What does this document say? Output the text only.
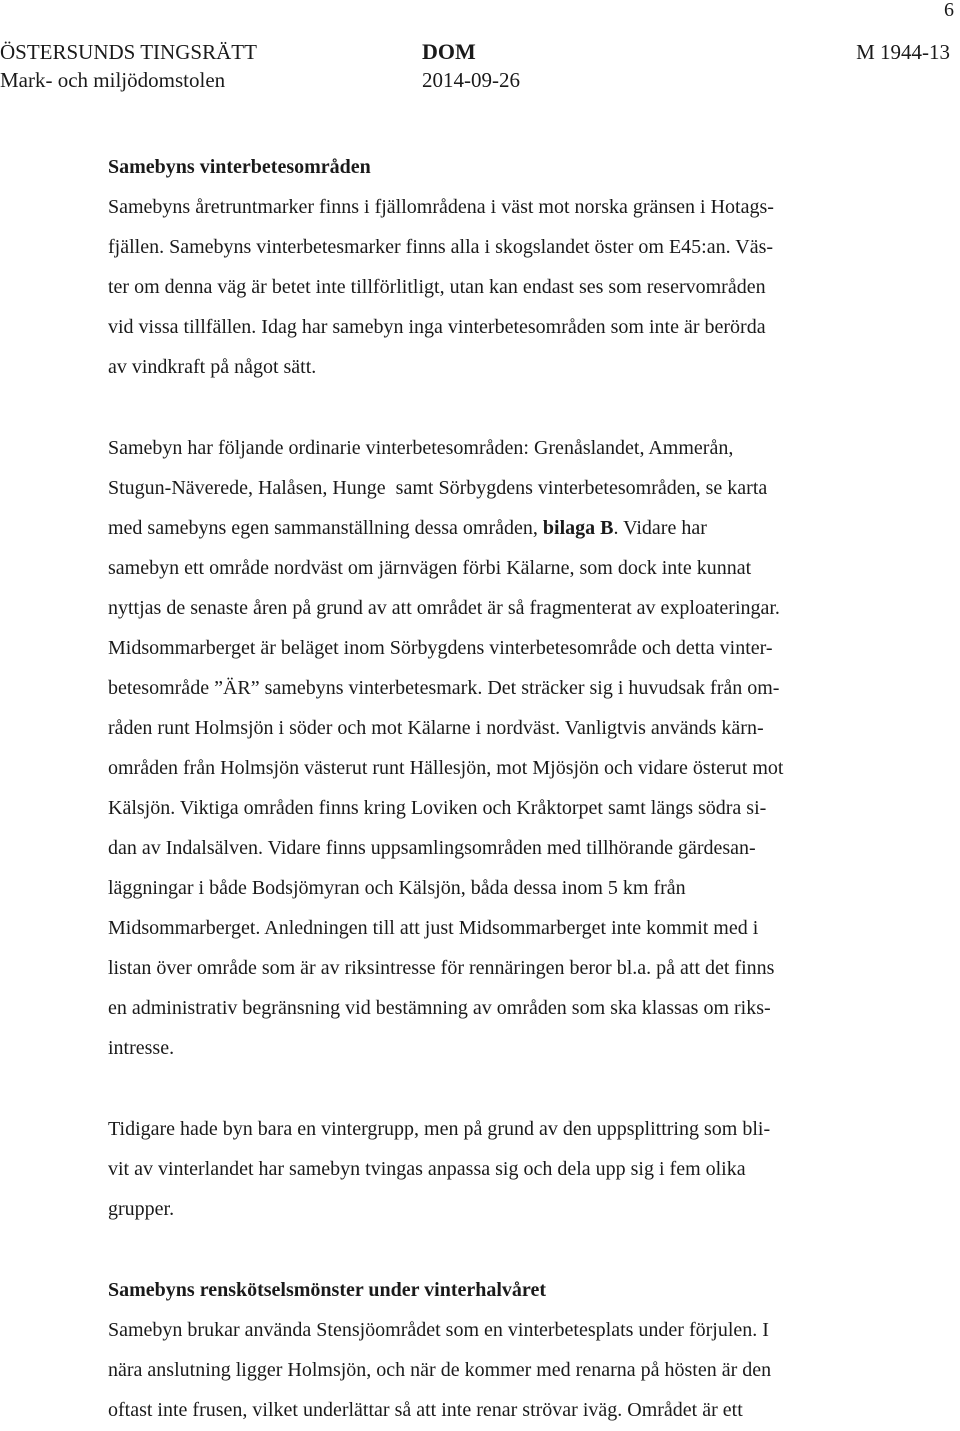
6
ÖSTERSUNDS TINGSRÄTT
Mark- och miljödomstolen
DOM
2014-09-26
M 1944-13
Samebyns vinterbetesområden
Samebyns åretruntmarker finns i fjällområdena i väst mot norska gränsen i Hotags-
fjällen. Samebyns vinterbetesmarker finns alla i skogslandet öster om E45:an. Väs-
ter om denna väg är betet inte tillförlitligt, utan kan endast ses som reservområden
vid vissa tillfällen. Idag har samebyn inga vinterbetesområden som inte är berörda
av vindkraft på något sätt.
Samebyn har följande ordinarie vinterbetesområden: Grenåslandet, Ammerån,
Stugun-Näverede, Halåsen, Hunge  samt Sörbygdens vinterbetesområden, se karta
med samebyns egen sammanställning dessa områden, bilaga B. Vidare har
samebyn ett område nordväst om järnvägen förbi Kälarne, som dock inte kunnat
nyttjas de senaste åren på grund av att området är så fragmenterat av exploateringar.
Midsommarberget är beläget inom Sörbygdens vinterbetesområde och detta vinter-
betesområde ”ÄR” samebyns vinterbetesmark. Det sträcker sig i huvudsak från om-
råden runt Holmsjön i söder och mot Kälarne i nordväst. Vanligtvis används kärn-
områden från Holmsjön västerut runt Hällesjön, mot Mjösjön och vidare österut mot
Kälsjön. Viktiga områden finns kring Loviken och Kråktorpet samt längs södra si-
dan av Indalsälven. Vidare finns uppsamlingsområden med tillhörande gärdesan-
läggningar i både Bodsjömyran och Kälsjön, båda dessa inom 5 km från
Midsommarberget. Anledningen till att just Midsommarberget inte kommit med i
listan över område som är av riksintresse för rennäringen beror bl.a. på att det finns
en administrativ begränsning vid bestämning av områden som ska klassas om riks-
intresse.
Tidigare hade byn bara en vintergrupp, men på grund av den uppsplittring som bli-
vit av vinterlandet har samebyn tvingas anpassa sig och dela upp sig i fem olika
grupper.
Samebyns renskötselsmönster under vinterhalvåret
Samebyn brukar använda Stensjöområdet som en vinterbetesplats under förjulen. I
nära anslutning ligger Holmsjön, och när de kommer med renarna på hösten är den
oftast inte frusen, vilket underlättar så att inte renar strövar iväg. Området är ett
